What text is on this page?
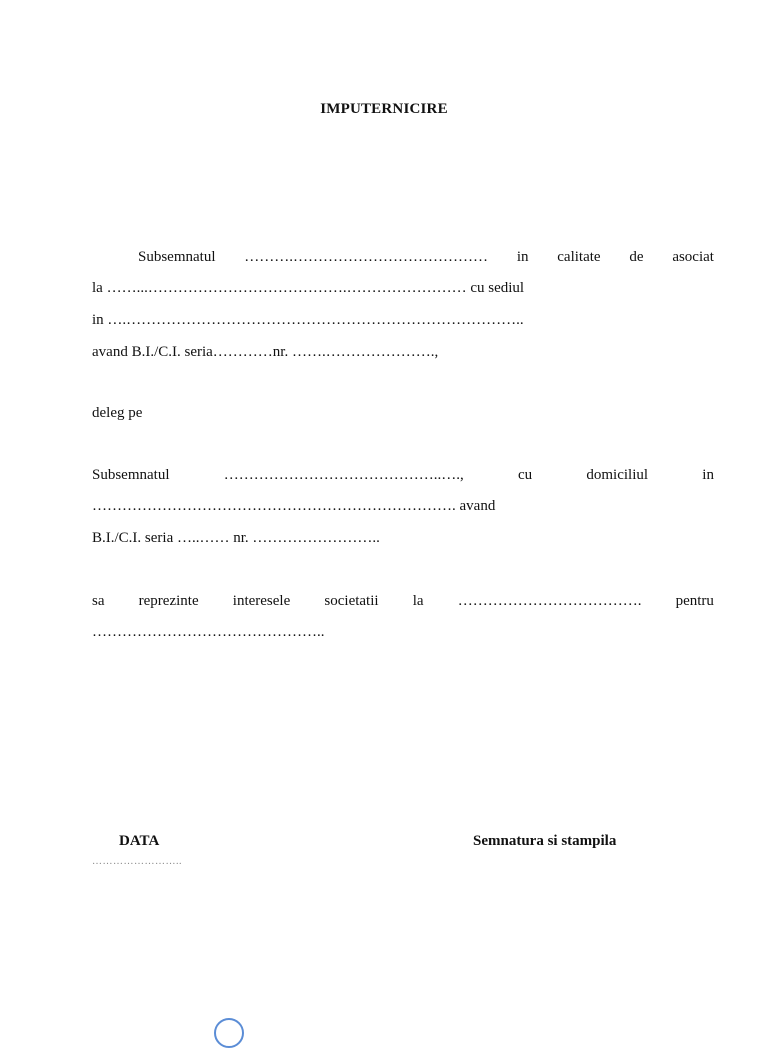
IMPUTERNICIRE
Subsemnatul ……….………………………………… in calitate de asociat
la ……...………………………………….…………………… cu sediul
in ….……………………………………………………………………..
avand B.I./C.I. seria…………nr. …….………………….,
deleg pe
Subsemnatul	……………………………………..….,	cu	domiciliul	in
………………………………………………………………. avand
B.I./C.I. seria …..…… nr. ……………………..
sa reprezinte interesele societatii la ………………………………. pentru
………………………………………..
DATA
……………………..
Semnatura si stampila
